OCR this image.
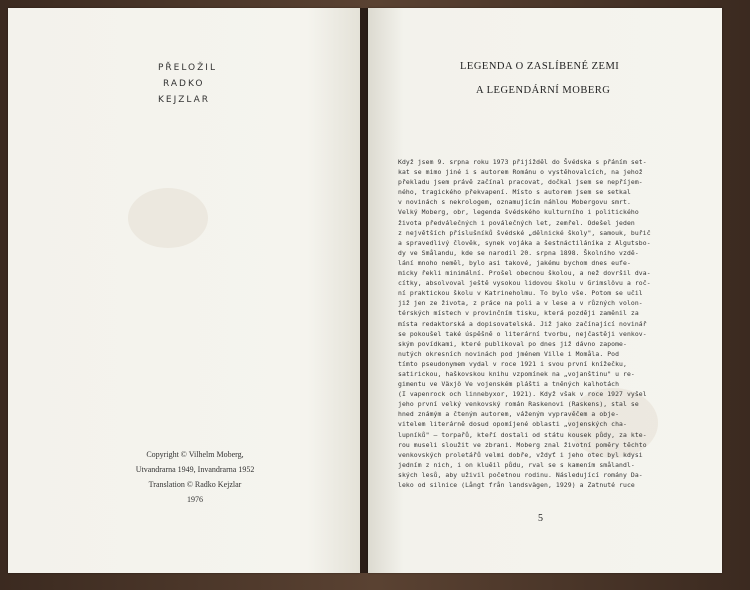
PŘELOŽIL
RADKO
KEJZLAR
Copyright © Vilhelm Moberg,
Utvandrarna 1949, Invandrarna 1952
Translation © Radko Kejzlar
1976
LEGENDA O ZASLÍBENÉ ZEMI
A LEGENDÁRNÍ MOBERG
Když jsem 9. srpna roku 1973 přijížděl do Švédska s přáním set-
kat se mimo jiné i s autorem Románu o vystěhovalcích, na jehož
překladu jsem právě začínal pracovat, dočkal jsem se nepříjem-
ného, tragického překvapení. Místo s autorem jsem se setkal
v novinách s nekrologem, oznamujícím náhlou Mobergovu smrt.
Velký Moberg, obr, legenda švédského kulturního i politického
života předválečných i poválečných let, zemřel. Odešel jeden
z největších příslušníků švédské „dělnické školy", samouk, buřič
a spravedlivý člověk, synek vojáka a šestnáctiláníka z Algutsbo-
dy ve Smålandu, kde se narodil 20. srpna 1898. Školního vzdě-
lání mnoho neměl, bylo asi takové, jakému bychom dnes eufe-
micky řekli minimální. Prošel obecnou školou, a než dovršil dva-
cítky, absolvoval ještě vysokou lidovou školu v Grimslövu a roč-
ní praktickou školu v Katrineholmu. To bylo vše. Potom se učil
již jen ze života, z práce na poli a v lese a v různých volon-
térských místech v provinčním tisku, která později zaměnil za
místa redaktorská a dopisovatelská. Již jako začínající novinář
se pokoušel také úspěšně o literární tvorbu, nejčastěji venkov-
ským povídkami, které publikoval po dnes již dávno zapome-
nutých okresních novinách pod jménem Ville i Momåla. Pod
tímto pseudonymem vydal v roce 1921 i svou první knížečku,
satirickou, haškovskou knihu vzpomínek na „vojanštinu" u re-
gimentu ve Växjö Ve vojenském plášti a tněných kalhotách
(I vapenrock och linnebyxor, 1921). Když však v roce 1927 vyšel
jeho první velký venkovský román Raskenovi (Raskens), stal se
hned známým a čteným autorem, váženým vypravěčem a obje-
vitelem literárně dosud opomíjené oblasti „vojenských cha-
lupníků" — torpařů, kteří dostali od státu kousek půdy, za kte-
rou museli sloužit ve zbrani. Moberg znal životní poměry těchto
venkovských proletářů velmi dobře, vždyť i jeho otec byl kdysi
jedním z nich, i on kluěil půdu, rval se s kamením smålandl-
ských lesů, aby uživil početnou rodinu. Následující romány Da-
leko od silnice (Långt från landsvägen, 1929) a Zatnuté ruce
5
